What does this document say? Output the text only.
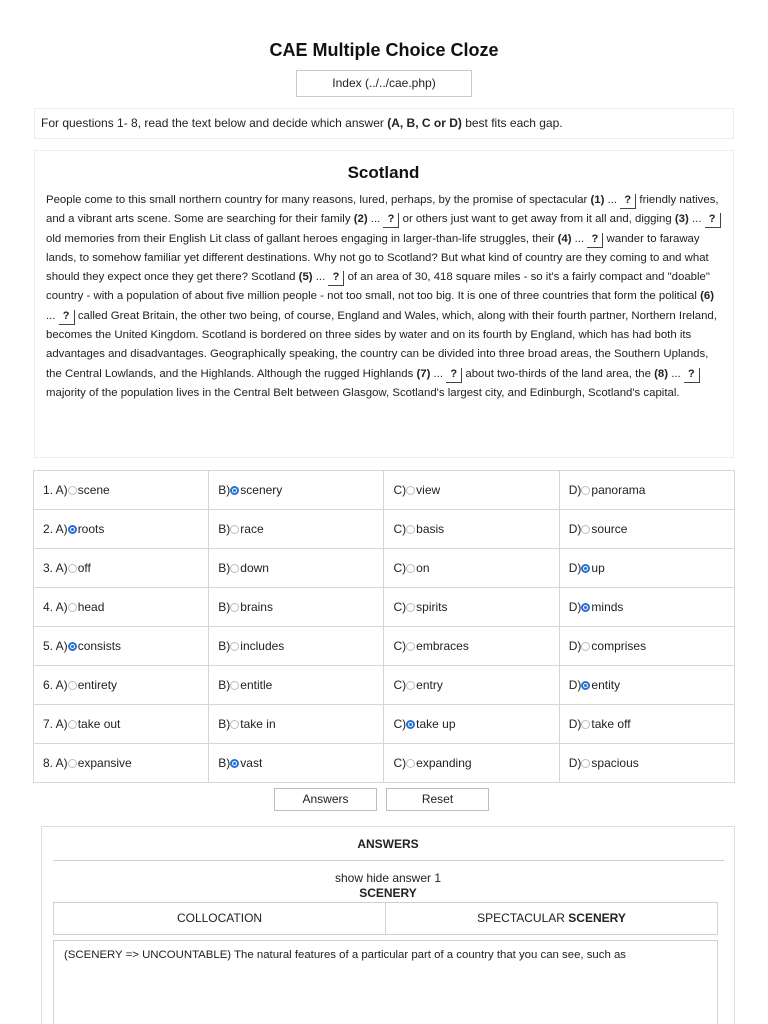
CAE Multiple Choice Cloze
Index (../../cae.php)
For questions 1- 8, read the text below and decide which answer (A, B, C or D) best fits each gap.
Scotland
People come to this small northern country for many reasons, lured, perhaps, by the promise of spectacular (1) ... ? friendly natives, and a vibrant arts scene. Some are searching for their family (2) ... ? or others just want to get away from it all and, digging (3) ... ? old memories from their English Lit class of gallant heroes engaging in larger-than-life struggles, their (4) ... ? wander to faraway lands, to somehow familiar yet different destinations. Why not go to Scotland? But what kind of country are they coming to and what should they expect once they get there? Scotland (5) ... ? of an area of 30, 418 square miles - so it's a fairly compact and "doable" country - with a population of about five million people - not too small, not too big. It is one of three countries that form the political (6) ... ? called Great Britain, the other two being, of course, England and Wales, which, along with their fourth partner, Northern Ireland, becomes the United Kingdom. Scotland is bordered on three sides by water and on its fourth by England, which has had both its advantages and disadvantages. Geographically speaking, the country can be divided into three broad areas, the Southern Uplands, the Central Lowlands, and the Highlands. Although the rugged Highlands (7) ... ? about two-thirds of the land area, the (8) ... ? majority of the population lives in the Central Belt between Glasgow, Scotland's largest city, and Edinburgh, Scotland's capital.
1. A) scene	B) scenery	C) view	D) panorama

2. A) roots	B) race	C) basis	D) source

3. A) off	B) down	C) on	D) up

4. A) head	B) brains	C) spirits	D) minds

5. A) consists	B) includes	C) embraces	D) comprises

6. A) entirety	B) entitle	C) entry	D) entity

7. A) take out	B) take in	C) take up	D) take off

8. A) expansive	B) vast	C) expanding	D) spacious
Answers	Reset
ANSWERS
show hide answer 1
SCENERY
COLLOCATION	SPECTACULAR SCENERY
(SCENERY => UNCOUNTABLE) The natural features of a particular part of a country that you can see, such as
